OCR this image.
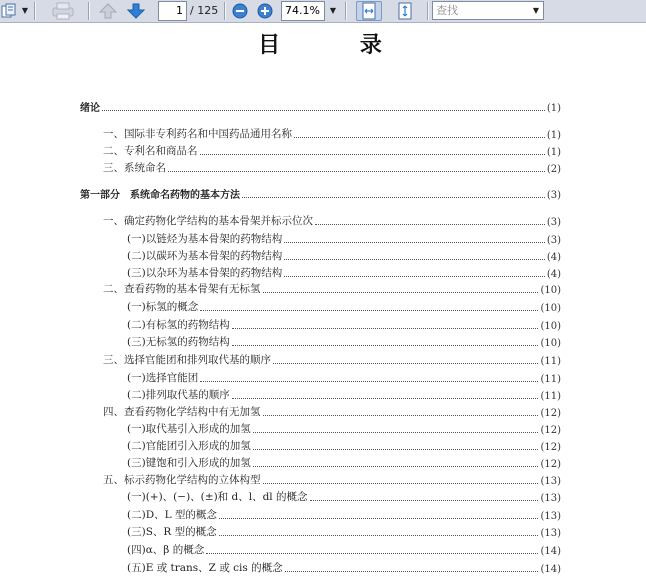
▼	1 / 125	74.1%	▼	查找	▼
目 录
绪论	(1)
一、国际非专利药名和中国药品通用名称	(1)
二、专利名和商品名	(1)
三、系统命名	(2)
第一部分　系统命名药物的基本方法	(3)
一、确定药物化学结构的基本骨架并标示位次	(3)
(一)以链烃为基本骨架的药物结构	(3)
(二)以碳环为基本骨架的药物结构	(4)
(三)以杂环为基本骨架的药物结构	(4)
二、查看药物的基本骨架有无标氢	(10)
(一)标氢的概念	(10)
(二)有标氢的药物结构	(10)
(三)无标氢的药物结构	(10)
三、选择官能团和排列取代基的顺序	(11)
(一)选择官能团	(11)
(二)排列取代基的顺序	(11)
四、查看药物化学结构中有无加氢	(12)
(一)取代基引入形成的加氢	(12)
(二)官能团引入形成的加氢	(12)
(三)键饱和引入形成的加氢	(12)
五、标示药物化学结构的立体构型	(13)
(一)(+)、(−)、(±)和 d、l、dl 的概念	(13)
(二)D、L 型的概念	(13)
(三)S、R 型的概念	(13)
(四)α、β 的概念	(14)
(五)E 或 trans、Z 或 cis 的概念	(14)
